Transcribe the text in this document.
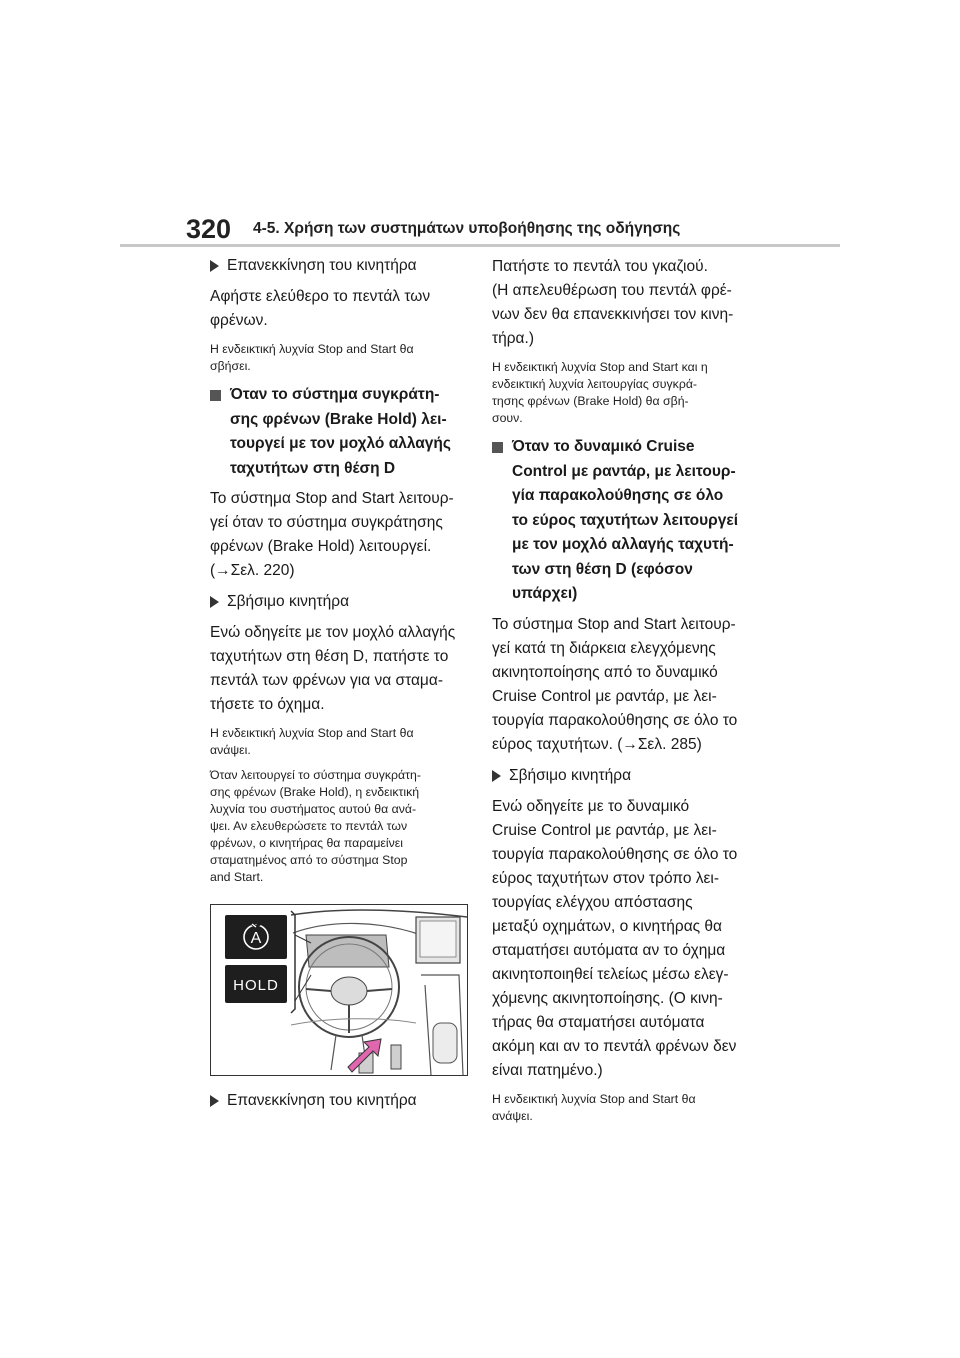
320 4-5. Χρήση των συστημάτων υποβοήθησης της οδήγησης
Επανεκκίνηση του κινητήρα

Αφήστε ελεύθερο το πεντάλ των
φρένων.

Η ενδεικτική λυχνία Stop and Start θα
σβήσει.

Όταν το σύστημα συγκράτη-
σης φρένων (Brake Hold) λει-
τουργεί με τον μοχλό αλλαγής
ταχυτήτων στη θέση D

Το σύστημα Stop and Start λειτουρ-
γεί όταν το σύστημα συγκράτησης
φρένων (Brake Hold) λειτουργεί.
(→Σελ. 220)

Σβήσιμο κινητήρα

Ενώ οδηγείτε με τον μοχλό αλλαγής
ταχυτήτων στη θέση D, πατήστε το
πεντάλ των φρένων για να σταμα-
τήσετε το όχημα.

Η ενδεικτική λυχνία Stop and Start θα
ανάψει.

Όταν λειτουργεί το σύστημα συγκράτη-
σης φρένων (Brake Hold), η ενδεικτική
λυχνία του συστήματος αυτού θα ανά-
ψει. Αν ελευθερώσετε το πεντάλ των
φρένων, ο κινητήρας θα παραμείνει
σταματημένος από το σύστημα Stop
and Start.

A
HOLD
Επανεκκίνηση του κινητήρα

Πατήστε το πεντάλ του γκαζιού.
(Η απελευθέρωση του πεντάλ φρέ-
νων δεν θα επανεκκινήσει τον κινη-
τήρα.)

Η ενδεικτική λυχνία Stop and Start και η
ενδεικτική λυχνία λειτουργίας συγκρά-
τησης φρένων (Brake Hold) θα σβή-
σουν.

Όταν το δυναμικό Cruise
Control με ραντάρ, με λειτουρ-
γία παρακολούθησης σε όλο
το εύρος ταχυτήτων λειτουργεί
με τον μοχλό αλλαγής ταχυτή-
των στη θέση D (εφόσον
υπάρχει)

Το σύστημα Stop and Start λειτουρ-
γεί κατά τη διάρκεια ελεγχόμενης
ακινητοποίησης από το δυναμικό
Cruise Control με ραντάρ, με λει-
τουργία παρακολούθησης σε όλο το
εύρος ταχυτήτων. (→Σελ. 285)

Σβήσιμο κινητήρα

Ενώ οδηγείτε με το δυναμικό
Cruise Control με ραντάρ, με λει-
τουργία παρακολούθησης σε όλο το
εύρος ταχυτήτων στον τρόπο λει-
τουργίας ελέγχου απόστασης
μεταξύ οχημάτων, ο κινητήρας θα
σταματήσει αυτόματα αν το όχημα
ακινητοποιηθεί τελείως μέσω ελεγ-
χόμενης ακινητοποίησης. (Ο κινη-
τήρας θα σταματήσει αυτόματα
ακόμη και αν το πεντάλ φρένων δεν
είναι πατημένο.)

Η ενδεικτική λυχνία Stop and Start θα
ανάψει.
